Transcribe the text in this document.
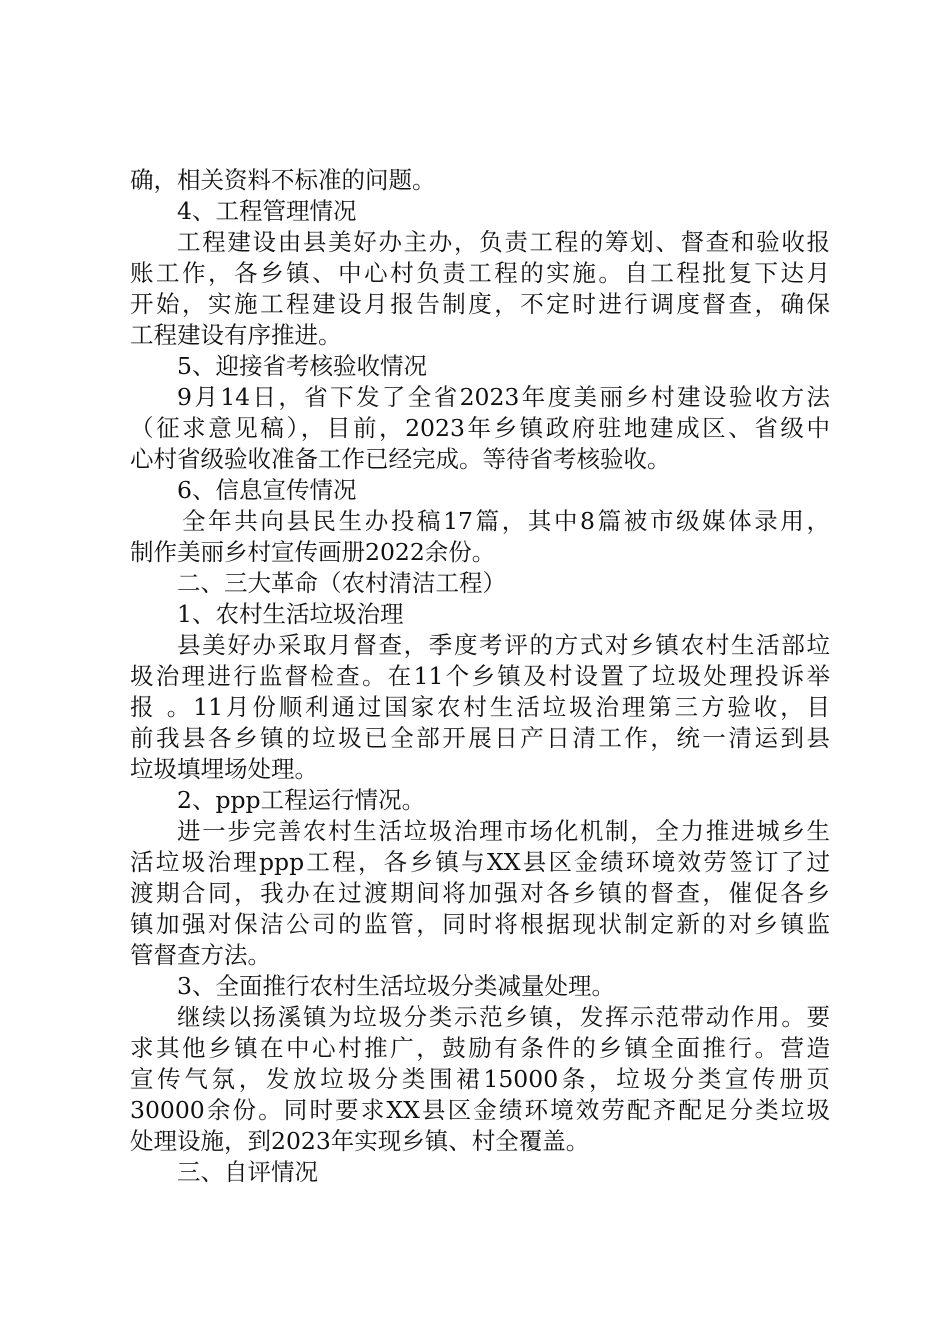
确，相关资料不标准的问题。
4、工程管理情况
工程建设由县美好办主办，负责工程的筹划、督查和验收报
账工作，各乡镇、中心村负责工程的实施。自工程批复下达月
开始，实施工程建设月报告制度，不定时进行调度督查，确保
工程建设有序推进。
5、迎接省考核验收情况
9月14日，省下发了全省2023年度美丽乡村建设验收方法
（征求意见稿），目前，2023年乡镇政府驻地建成区、省级中
心村省级验收准备工作已经完成。等待省考核验收。
6、信息宣传情况
全年共向县民生办投稿17篇，其中8篇被市级媒体录用，
制作美丽乡村宣传画册2022余份。
二、三大革命（农村清洁工程）
1、农村生活垃圾治理
县美好办采取月督查，季度考评的方式对乡镇农村生活部垃
圾治理进行监督检查。在11个乡镇及村设置了垃圾处理投诉举
报 。11月份顺利通过国家农村生活垃圾治理第三方验收，目
前我县各乡镇的垃圾已全部开展日产日清工作，统一清运到县
垃圾填埋场处理。
2、ppp工程运行情况。
进一步完善农村生活垃圾治理市场化机制，全力推进城乡生
活垃圾治理ppp工程，各乡镇与XX县区金绩环境效劳签订了过
渡期合同，我办在过渡期间将加强对各乡镇的督查，催促各乡
镇加强对保洁公司的监管，同时将根据现状制定新的对乡镇监
管督查方法。
3、全面推行农村生活垃圾分类减量处理。
继续以扬溪镇为垃圾分类示范乡镇，发挥示范带动作用。要
求其他乡镇在中心村推广，鼓励有条件的乡镇全面推行。营造
宣传气氛，发放垃圾分类围裙15000条，垃圾分类宣传册页
30000余份。同时要求XX县区金绩环境效劳配齐配足分类垃圾
处理设施，到2023年实现乡镇、村全覆盖。
三、自评情况
